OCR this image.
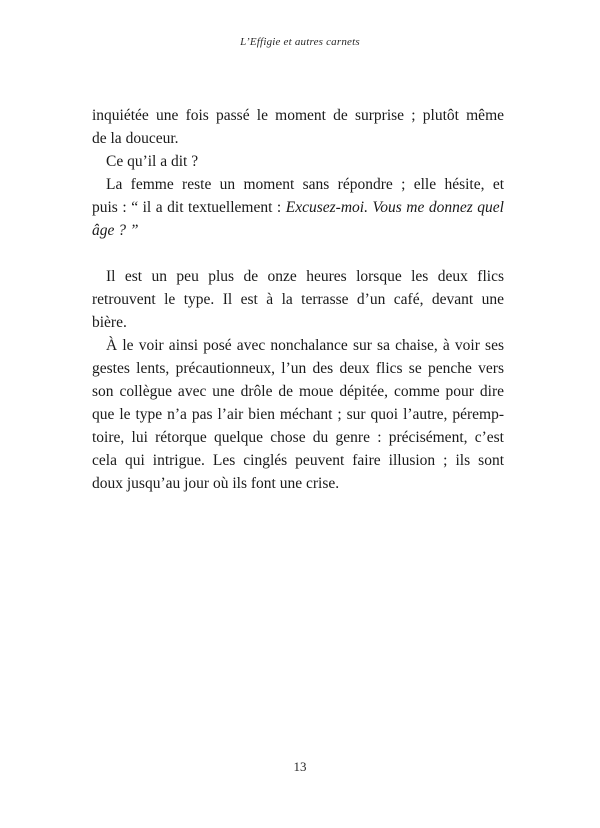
L’Effigie et autres carnets
inquiétée une fois passé le moment de surprise ; plutôt même
de la douceur.
Ce qu’il a dit ?
La femme reste un moment sans répondre ; elle hésite, et
puis : “ il a dit textuellement : Excusez-moi. Vous me donnez quel
âge ? ”
Il est un peu plus de onze heures lorsque les deux flics
retrouvent le type. Il est à la terrasse d’un café, devant une
bière.
À le voir ainsi posé avec nonchalance sur sa chaise, à voir ses
gestes lents, précautionneux, l’un des deux flics se penche vers
son collègue avec une drôle de moue dépitée, comme pour dire
que le type n’a pas l’air bien méchant ; sur quoi l’autre, péremp-
toire, lui rétorque quelque chose du genre : précisément, c’est
cela qui intrigue. Les cinglés peuvent faire illusion ; ils sont
doux jusqu’au jour où ils font une crise.
13
